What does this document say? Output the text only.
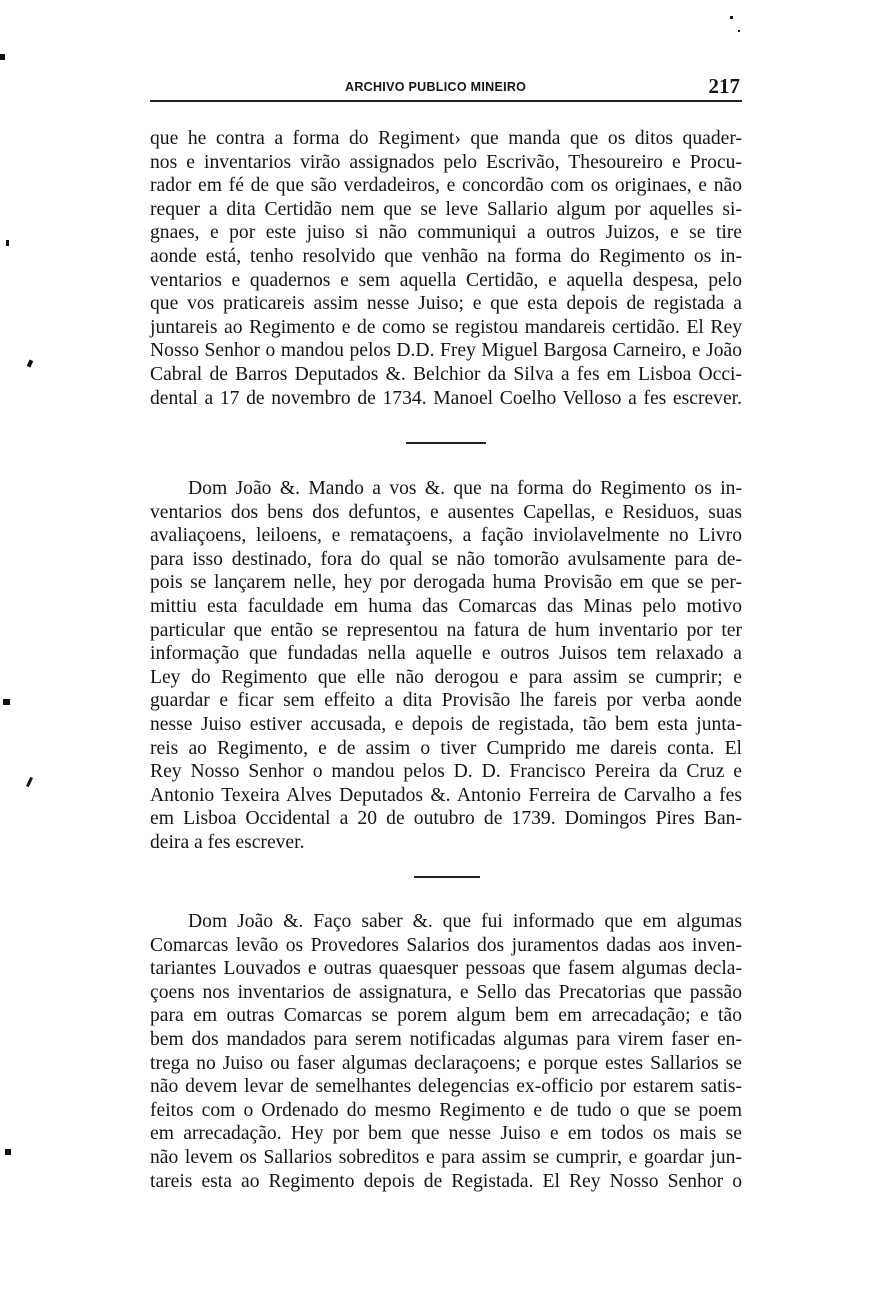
ARCHIVO PUBLICO MINEIRO	217
que he contra a forma do Regiment› que manda que os ditos quader-
nos e inventarios virão assignados pelo Escrivão, Thesoureiro e Procu-
rador em fé de que são verdadeiros, e concordão com os originaes, e não
requer a dita Certidão nem que se leve Sallario algum por aquelles si-
gnaes, e por este juiso si não communiqui a outros Juizos, e se tire
aonde está, tenho resolvido que venhão na forma do Regimento os in-
ventarios e quadernos e sem aquella Certidão, e aquella despesa, pelo
que vos praticareis assim nesse Juiso; e que esta depois de registada a
juntareis ao Regimento e de como se registou mandareis certidão. El Rey
Nosso Senhor o mandou pelos D.D. Frey Miguel Bargosa Carneiro, e João
Cabral de Barros Deputados &. Belchior da Silva a fes em Lisboa Occi-
dental a 17 de novembro de 1734. Manoel Coelho Velloso a fes escrever.
Dom João &. Mando a vos &. que na forma do Regimento os in-
ventarios dos bens dos defuntos, e ausentes Capellas, e Residuos, suas
avaliaçoens, leiloens, e remataçoens, a fação inviolavelmente no Livro
para isso destinado, fora do qual se não tomorão avulsamente para de-
pois se lançarem nelle, hey por derogada huma Provisão em que se per-
mittiu esta faculdade em huma das Comarcas das Minas pelo motivo
particular que então se representou na fatura de hum inventario por ter
informação que fundadas nella aquelle e outros Juisos tem relaxado a
Ley do Regimento que elle não derogou e para assim se cumprir; e
guardar e ficar sem effeito a dita Provisão lhe fareis por verba aonde
nesse Juiso estiver accusada, e depois de registada, tão bem esta junta-
reis ao Regimento, e de assim o tiver Cumprido me dareis conta. El
Rey Nosso Senhor o mandou pelos D. D. Francisco Pereira da Cruz e
Antonio Texeira Alves Deputados &. Antonio Ferreira de Carvalho a fes
em Lisboa Occidental a 20 de outubro de 1739. Domingos Pires Ban-
deira a fes escrever.
Dom João &. Faço saber &. que fui informado que em algumas
Comarcas levão os Provedores Salarios dos juramentos dadas aos inven-
tariantes Louvados e outras quaesquer pessoas que fasem algumas decla-
çoens nos inventarios de assignatura, e Sello das Precatorias que passão
para em outras Comarcas se porem algum bem em arrecadação; e tão
bem dos mandados para serem notificadas algumas para virem faser en-
trega no Juiso ou faser algumas declaraçoens; e porque estes Sallarios se
não devem levar de semelhantes delegencias ex-officio por estarem satis-
feitos com o Ordenado do mesmo Regimento e de tudo o que se poem
em arrecadação. Hey por bem que nesse Juiso e em todos os mais se
não levem os Sallarios sobreditos e para assim se cumprir, e goardar jun-
tareis esta ao Regimento depois de Registada. El Rey Nosso Senhor o
